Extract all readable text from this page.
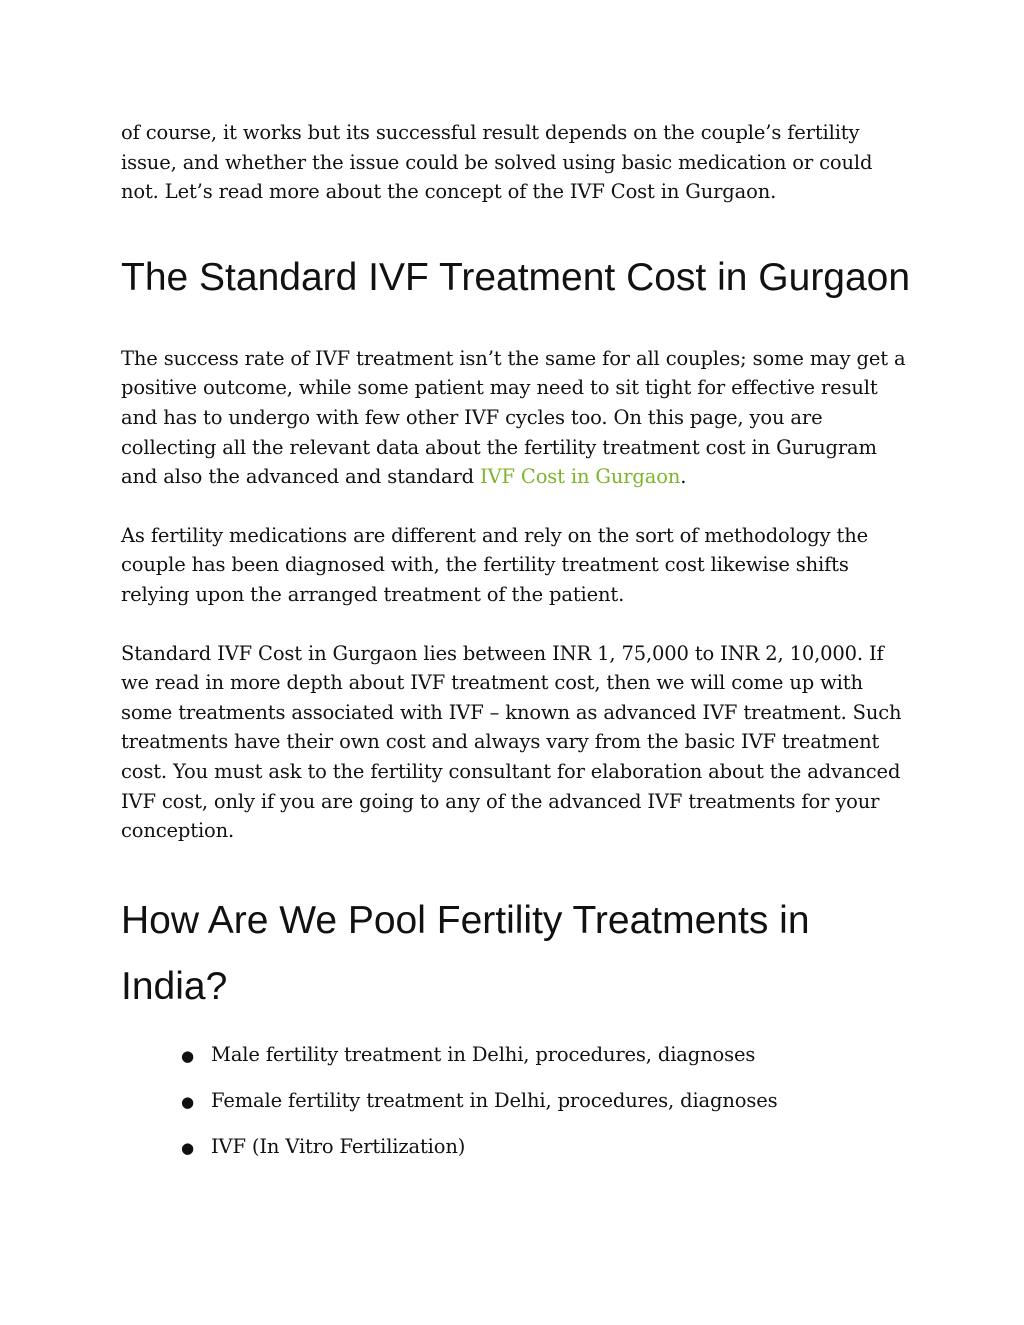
of course, it works but its successful result depends on the couple’s fertility issue, and whether the issue could be solved using basic medication or could not. Let’s read more about the concept of the IVF Cost in Gurgaon.

The Standard IVF Treatment Cost in Gurgaon

The success rate of IVF treatment isn’t the same for all couples; some may get a positive outcome, while some patient may need to sit tight for effective result and has to undergo with few other IVF cycles too. On this page, you are collecting all the relevant data about the fertility treatment cost in Gurugram and also the advanced and standard IVF Cost in Gurgaon.

As fertility medications are different and rely on the sort of methodology the couple has been diagnosed with, the fertility treatment cost likewise shifts relying upon the arranged treatment of the patient.

Standard IVF Cost in Gurgaon lies between INR 1, 75,000 to INR 2, 10,000. If we read in more depth about IVF treatment cost, then we will come up with some treatments associated with IVF – known as advanced IVF treatment. Such treatments have their own cost and always vary from the basic IVF treatment cost. You must ask to the fertility consultant for elaboration about the advanced IVF cost, only if you are going to any of the advanced IVF treatments for your conception.

How Are We Pool Fertility Treatments in India?
● Male fertility treatment in Delhi, procedures, diagnoses
● Female fertility treatment in Delhi, procedures, diagnoses
● IVF (In Vitro Fertilization)
